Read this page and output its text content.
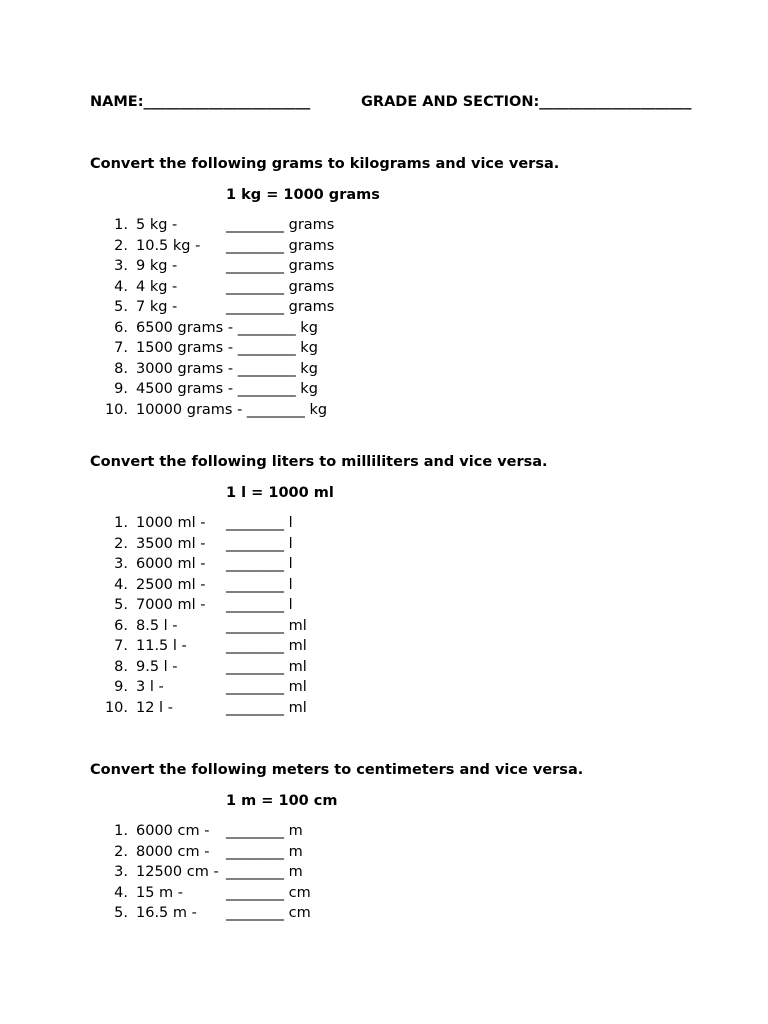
NAME:_______________________	GRADE AND SECTION:_____________________
Convert the following grams to kilograms and vice versa.
1 kg = 1000 grams
1. 5 kg -	________ grams
2. 10.5 kg - ________ grams
3. 9 kg -	________ grams
4. 4 kg -	________ grams
5. 7 kg -	________ grams
6. 6500 grams - ________ kg
7. 1500 grams - ________ kg
8. 3000 grams - ________ kg
9. 4500 grams - ________ kg
10. 10000 grams - ________ kg
Convert the following liters to milliliters and vice versa.
1 l = 1000 ml
1. 1000 ml - ________ l
2. 3500 ml - ________ l
3. 6000 ml - ________ l
4. 2500 ml - ________ l
5. 7000 ml - ________ l
6. 8.5 l -	________ ml
7. 11.5 l -	________ ml
8. 9.5 l -	________ ml
9. 3 l -	________ ml
10. 12 l -	________ ml
Convert the following meters to centimeters and vice versa.
1 m = 100 cm
1. 6000 cm - ________ m
2. 8000 cm - ________ m
3. 12500 cm - ________ m
4. 15 m -	________ cm
5. 16.5 m - ________ cm
